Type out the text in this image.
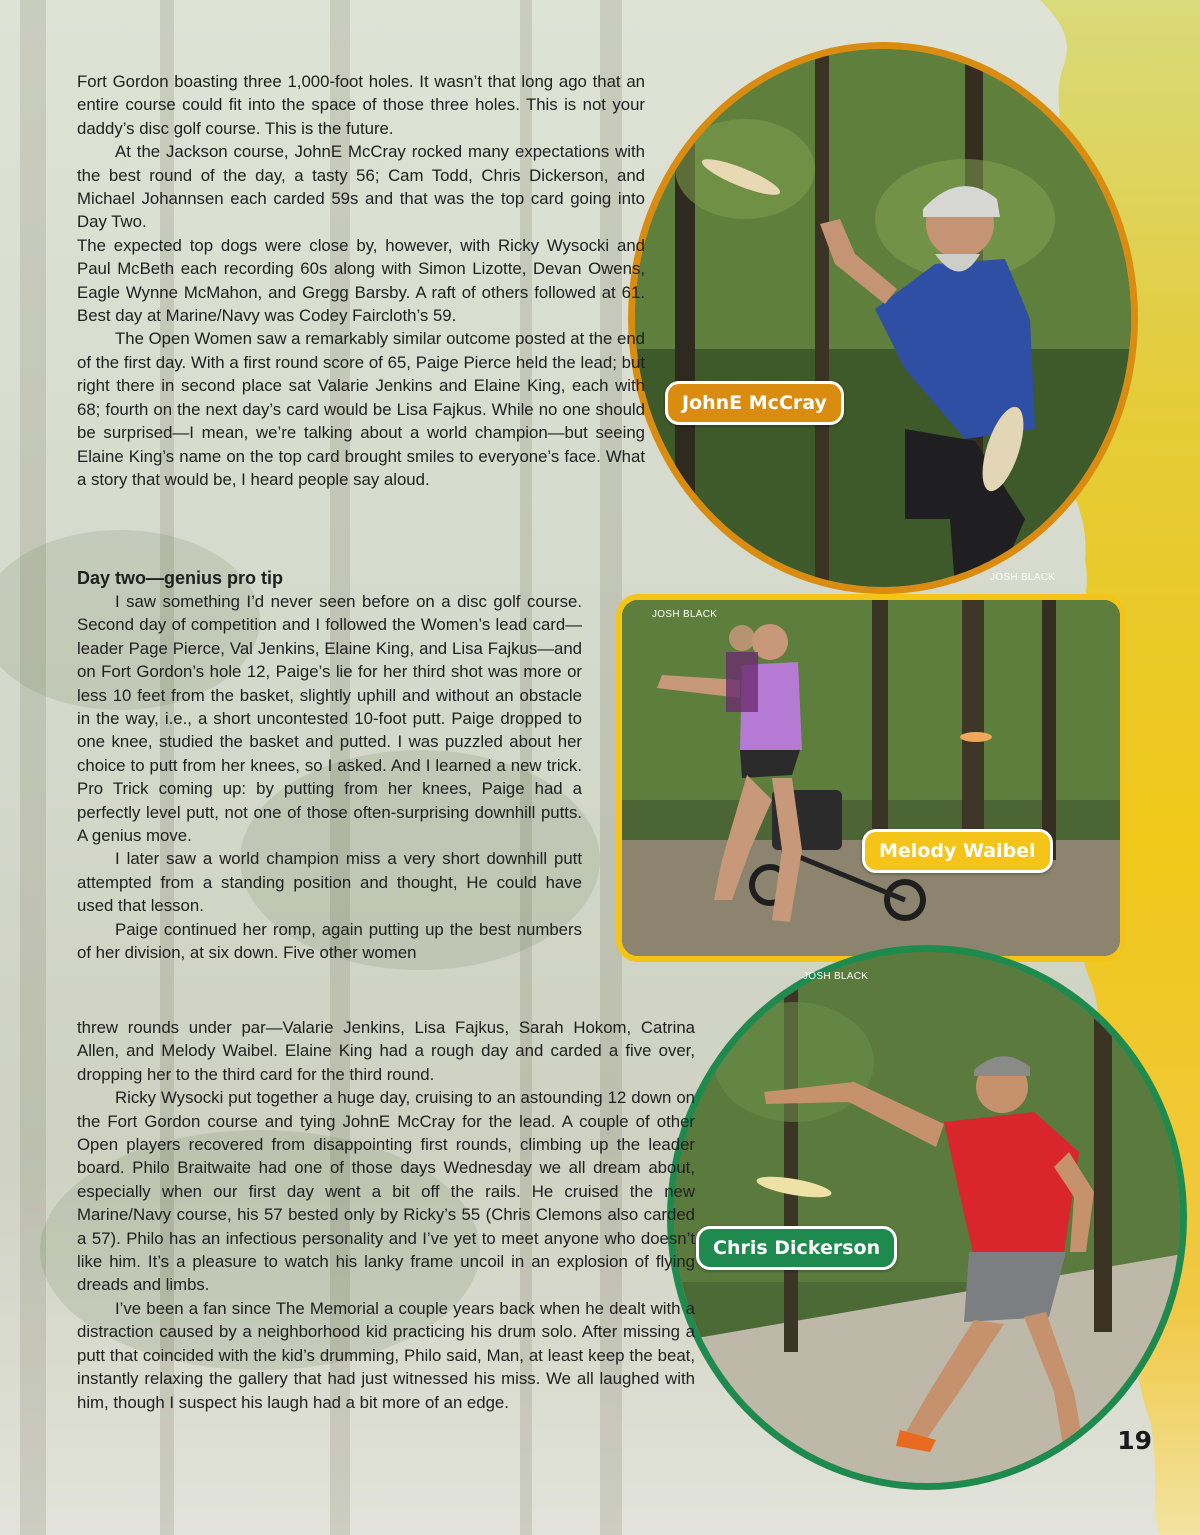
JohnE McCray
JOSH BLACK
Melody Waibel
JOSH BLACK
Chris Dickerson
JOSH BLACK

Fort Gordon boasting three 1,000-foot holes. It wasn’t that long ago that an entire course could fit into the space of those three holes. This is not your daddy’s disc golf course. This is the future.

At the Jackson course, JohnE McCray rocked many expectations with the best round of the day, a tasty 56; Cam Todd, Chris Dickerson, and Michael Johannsen each carded 59s and that was the top card going into Day Two.

The expected top dogs were close by, however, with Ricky Wysocki and Paul McBeth each recording 60s along with Simon Lizotte, Devan Owens, Eagle Wynne McMahon, and Gregg Barsby. A raft of others followed at 61. Best day at Marine/Navy was Codey Faircloth’s 59.

The Open Women saw a remarkably similar outcome posted at the end of the first day. With a first round score of 65, Paige Pierce held the lead; but right there in second place sat Valarie Jenkins and Elaine King, each with 68; fourth on the next day’s card would be Lisa Fajkus. While no one should be surprised—I mean, we’re talking about a world champion—but seeing Elaine King’s name on the top card brought smiles to everyone’s face. What a story that would be, I heard people say aloud.

Day two—genius pro tip

I saw something I’d never seen before on a disc golf course. Second day of competition and I followed the Women’s lead card—leader Page Pierce, Val Jenkins, Elaine King, and Lisa Fajkus—and on Fort Gordon’s hole 12, Paige’s lie for her third shot was more or less 10 feet from the basket, slightly uphill and without an obstacle in the way, i.e., a short uncontested 10-foot putt. Paige dropped to one knee, studied the basket and putted. I was puzzled about her choice to putt from her knees, so I asked. And I learned a new trick. Pro Trick coming up: by putting from her knees, Paige had a perfectly level putt, not one of those often-surprising downhill putts. A genius move.

I later saw a world champion miss a very short downhill putt attempted from a standing position and thought, He could have used that lesson.

Paige continued her romp, again putting up the best numbers of her division, at six down. Five other women

threw rounds under par—Valarie Jenkins, Lisa Fajkus, Sarah Hokom, Catrina Allen, and Melody Waibel. Elaine King had a rough day and carded a five over, dropping her to the third card for the third round.

Ricky Wysocki put together a huge day, cruising to an astounding 12 down on the Fort Gordon course and tying JohnE McCray for the lead. A couple of other Open players recovered from disappointing first rounds, climbing up the leader board. Philo Braitwaite had one of those days Wednesday we all dream about, especially when our first day went a bit off the rails. He cruised the new Marine/Navy course, his 57 bested only by Ricky’s 55 (Chris Clemons also carded a 57). Philo has an infectious personality and I’ve yet to meet anyone who doesn’t like him. It’s a pleasure to watch his lanky frame uncoil in an explosion of flying dreads and limbs.

I’ve been a fan since The Memorial a couple years back when he dealt with a distraction caused by a neighborhood kid practicing his drum solo. After missing a putt that coincided with the kid’s drumming, Philo said, Man, at least keep the beat, instantly relaxing the gallery that had just witnessed his miss. We all laughed with him, though I suspect his laugh had a bit more of an edge.

19
